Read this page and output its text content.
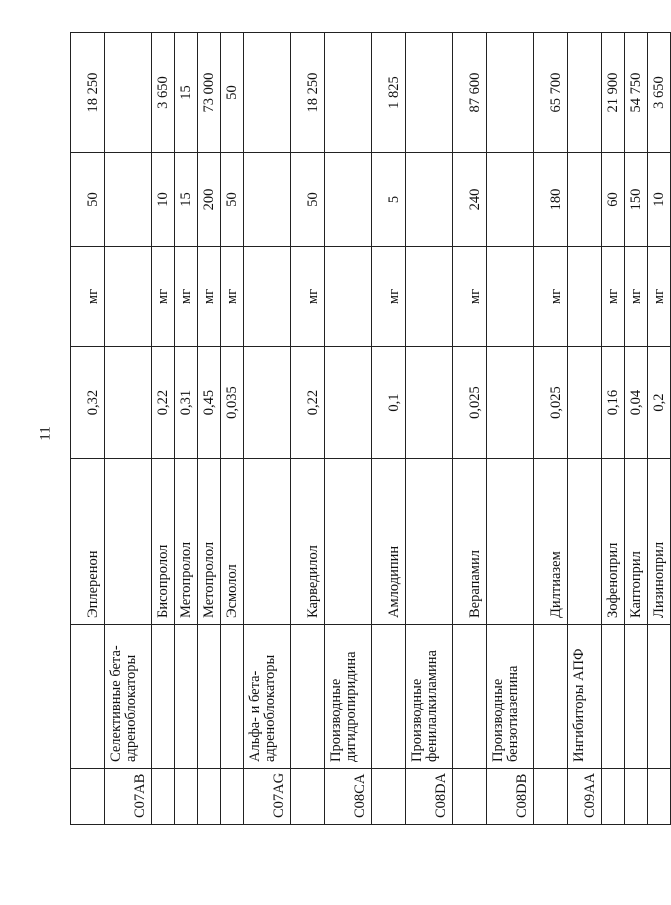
11
		Эплеренон	0,32	мг	50	18 250
C07AB	Селективные бета-адреноблокаторы					
		Бисопролол	0,22	мг	10	3 650
		Метопролол	0,31	мг	15	15
		Метопролол	0,45	мг	200	73 000
		Эсмолол	0,035	мг	50	50
C07AG	Альфа- и бета-адреноблокаторы					
		Карведилол	0,22	мг	50	18 250
C08CA	Производные дигидропиридина					
		Амлодипин	0,1	мг	5	1 825
C08DA	Производные фенилалкиламина					
		Верапамил	0,025	мг	240	87 600
C08DB	Производные бензотиазепина					
		Дилтиазем	0,025	мг	180	65 700
C09AA	Ингибиторы АПФ					
		Зофеноприл	0,16	мг	60	21 900
		Каптоприл	0,04	мг	150	54 750
		Лизиноприл	0,2	мг	10	3 650
